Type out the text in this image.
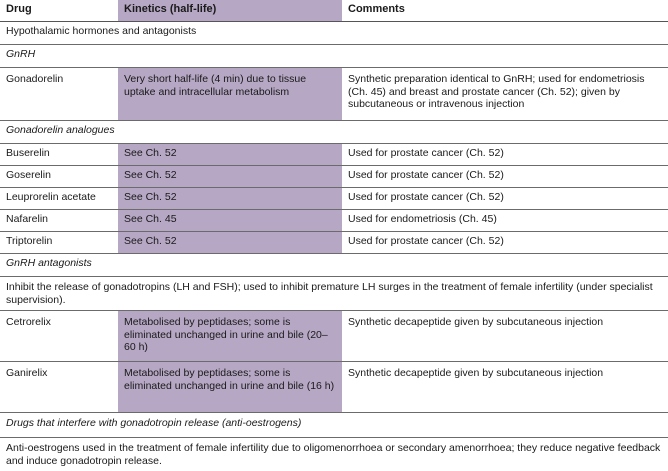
Drug	Kinetics (half-life)	Comments
Hypothalamic hormones and antagonists		
GnRH		
Gonadorelin	Very short half-life (4 min) due to tissue uptake and intracellular metabolism	Synthetic preparation identical to GnRH; used for endometriosis (Ch. 45) and breast and prostate cancer (Ch. 52); given by subcutaneous or intravenous injection
Gonadorelin analogues		
Buserelin	See Ch. 52	Used for prostate cancer (Ch. 52)
Goserelin	See Ch. 52	Used for prostate cancer (Ch. 52)
Leuprorelin acetate	See Ch. 52	Used for prostate cancer (Ch. 52)
Nafarelin	See Ch. 45	Used for endometriosis (Ch. 45)
Triptorelin	See Ch. 52	Used for prostate cancer (Ch. 52)
GnRH antagonists		
Inhibit the release of gonadotropins (LH and FSH); used to inhibit premature LH surges in the treatment of female infertility (under specialist supervision).		
Cetrorelix	Metabolised by peptidases; some is eliminated unchanged in urine and bile (20–60 h)	Synthetic decapeptide given by subcutaneous injection
Ganirelix	Metabolised by peptidases; some is eliminated unchanged in urine and bile (16 h)	Synthetic decapeptide given by subcutaneous injection
Drugs that interfere with gonadotropin release (anti-oestrogens)		
Anti-oestrogens used in the treatment of female infertility due to oligomenorrhoea or secondary amenorrhoea; they reduce negative feedback and induce gonadotropin release.		
